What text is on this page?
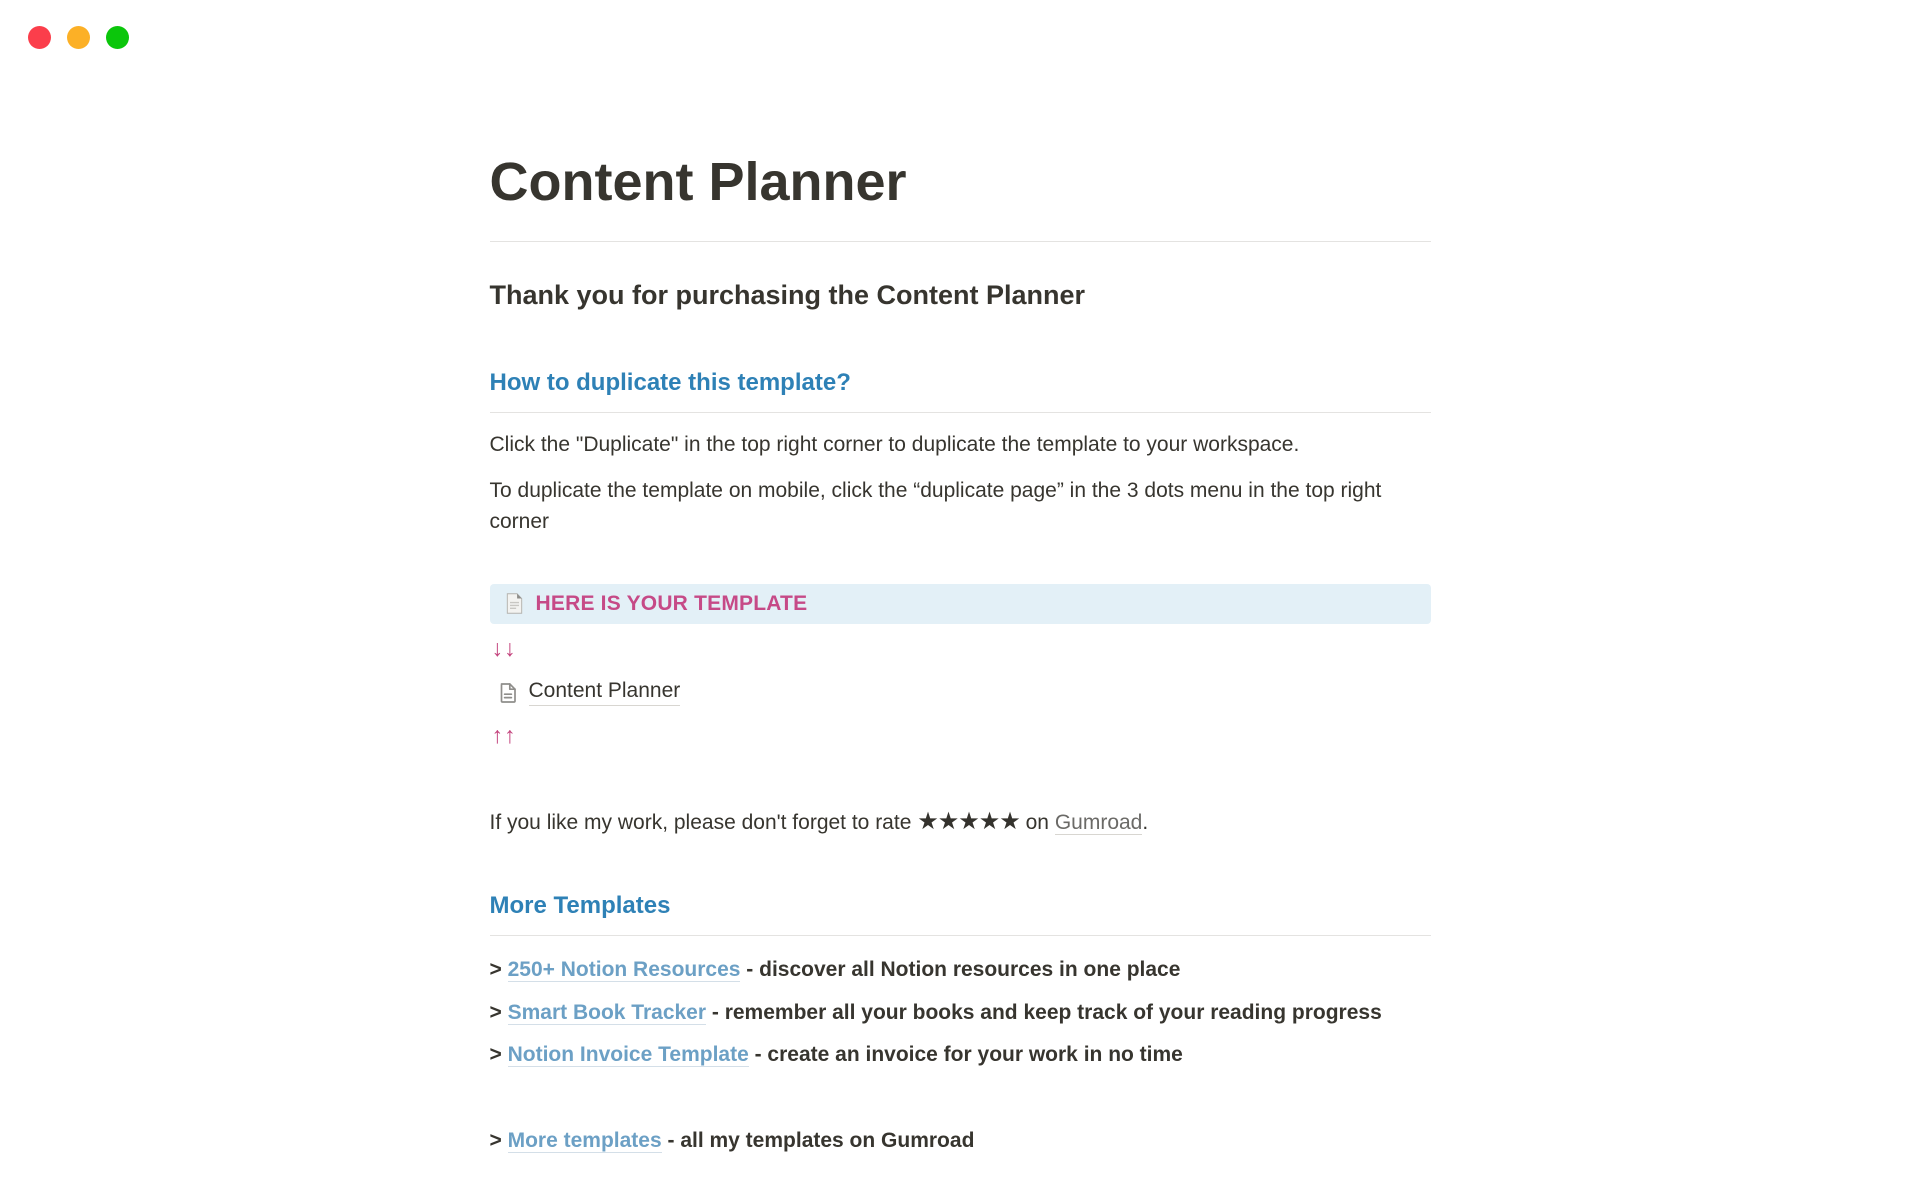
Content Planner
Thank you for purchasing the Content Planner
How to duplicate this template?

Click the "Duplicate" in the top right corner to duplicate the template to your workspace.

To duplicate the template on mobile, click the “duplicate page” in the 3 dots menu in the top right corner

HERE IS YOUR TEMPLATE
↓↓
Content Planner
↑↑

If you like my work, please don't forget to rate ★★★★★ on Gumroad.

More Templates

> 250+ Notion Resources - discover all Notion resources in one place

> Smart Book Tracker - remember all your books and keep track of your reading progress

> Notion Invoice Template - create an invoice for your work in no time

> More templates - all my templates on Gumroad
